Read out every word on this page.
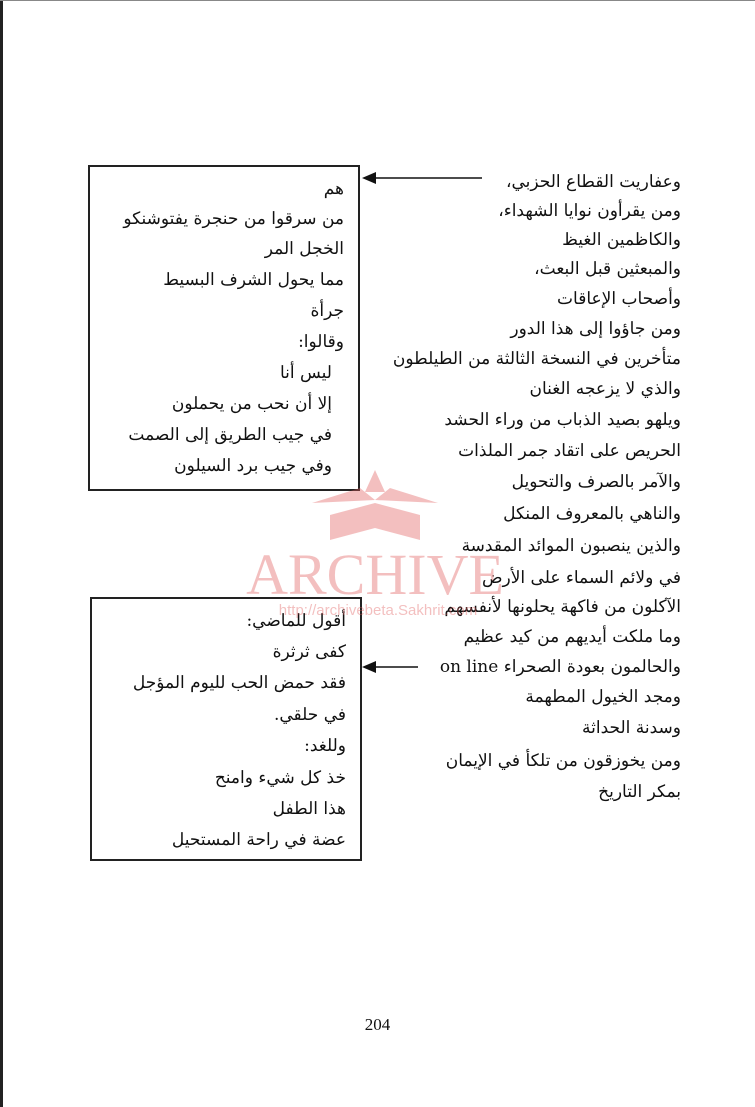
وعفاريت القطاع الحزبي،
ومن يقرأون نوايا الشهداء،
والكاظمين الغيظ
والمبعثين قبل البعث،
وأصحاب الإعاقات
ومن جاؤوا إلى هذا الدور
متأخرين في النسخة الثالثة من الطيلطون
والذي لا يزعجه الغنان
ويلهو بصيد الذباب من وراء الحشد
الحريص على اتقاد جمر الملذات
والآمر بالصرف والتحويل
والناهي بالمعروف المنكل
والذين ينصبون الموائد المقدسة
في ولائم السماء على الأرض
الآكلون من فاكهة يحلونها لأنفسهم
وما ملكت أيديهم من كيد عظيم
والحالمون بعودة الصحراء on line
ومجد الخيول المطهمة
وسدنة الحداثة
ومن يخوزقون من تلكأ في الإيمان
بمكر التاريخ
هم
من سرقوا من حنجرة يفتوشنكو
الخجل المر
مما يحول الشرف البسيط
جرأة
وقالوا:
ليس أنا
إلا أن نحب من يحملون
في جيب الطريق إلى الصمت
وفي جيب برد السيلون
أقول للماضي:
كفى ثرثرة
فقد حمض الحب لليوم المؤجل
في حلقي.
وللغد:
خذ كل شيء وامنح
هذا الطفل
عضة في راحة المستحيل
ARCHIVE
http://archivebeta.Sakhrit.com
204
